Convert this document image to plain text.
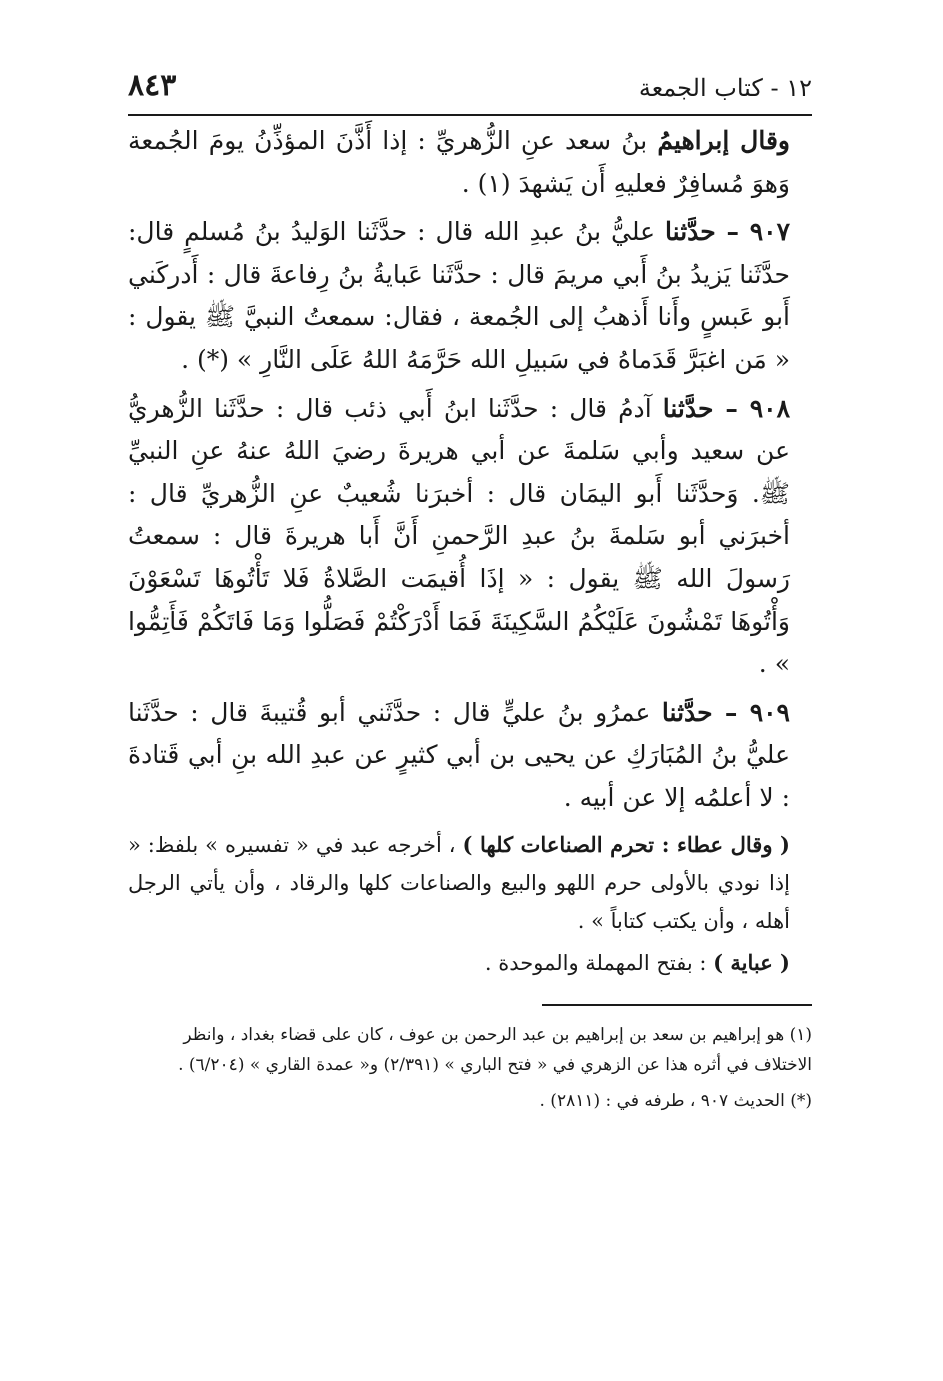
١٢ - كتاب الجمعة
٨٤٣

وقال إبراهيمُ بنُ سعد عنِ الزُّهريِّ : إذا أَذَّنَ المؤذِّنُ يومَ الجُمعة وَهوَ مُسافِرٌ فعليهِ أَن يَشهدَ (١) .

٩٠٧ – حدَّثنا عليُّ بنُ عبدِ الله قال : حدَّثَنا الوَليدُ بنُ مُسلمٍ قال: حدَّثَنا يَزيدُ بنُ أَبي مريمَ قال : حدَّثَنا عَبايةُ بنُ رِفاعةَ قال : أَدركَني أَبو عَبسٍ وأَنا أَذهبُ إلى الجُمعة ، فقال: سمعتُ النبيَّ ﷺ يقول : « مَن اغبَرَّ قَدَماهُ في سَبيلِ الله حَرَّمَهُ اللهُ عَلَى النَّارِ » (*) .

٩٠٨ – حدَّثنا آدمُ قال : حدَّثَنا ابنُ أَبي ذئب قال : حدَّثَنا الزُّهريُّ عن سعيد وأبي سَلمةَ عن أبي هريرةَ رضيَ اللهُ عنهُ عنِ النبيِّ ﷺ. وَحدَّثَنا أَبو اليمَان قال : أخبرَنا شُعيبٌ عنِ الزُّهريِّ قال : أخبرَني أبو سَلمةَ بنُ عبدِ الرَّحمنِ أَنَّ أَبا هريرةَ قال : سمعتُ رَسولَ الله ﷺ يقول : « إذَا أُقيمَت الصَّلاةُ فَلا تَأْتُوهَا تَسْعَوْنَ وَأْتُوهَا تَمْشُونَ عَلَيْكُمُ السَّكِينَةَ فَمَا أَدْرَكْتُمْ فَصَلُّوا وَمَا فَاتَكُمْ فَأَتِمُّوا » .

٩٠٩ – حدَّثنا عمرُو بنُ عليٍّ قال : حدَّثَني أبو قُتيبةَ قال : حدَّثَنا عليُّ بنُ المُبَارَكِ عن يحيى بن أبي كثيرٍ عن عبدِ الله بنِ أبي قَتادةَ : لا أعلمُه إلا عن أبيه .

( وقال عطاء : تحرم الصناعات كلها ) ، أخرجه عبد في « تفسيره » بلفظ: « إذا نودي بالأولى حرم اللهو والبيع والصناعات كلها والرقاد ، وأن يأتي الرجل أهله ، وأن يكتب كتاباً » .

( عباية ) : بفتح المهملة والموحدة .

(١) هو إبراهيم بن سعد بن إبراهيم بن عبد الرحمن بن عوف ، كان على قضاء بغداد ، وانظر الاختلاف في أثره هذا عن الزهري في « فتح الباري » (٢/٣٩١) و« عمدة القاري » (٦/٢٠٤) .

(*) الحديث ٩٠٧ ، طرفه في : (٢٨١١) .
